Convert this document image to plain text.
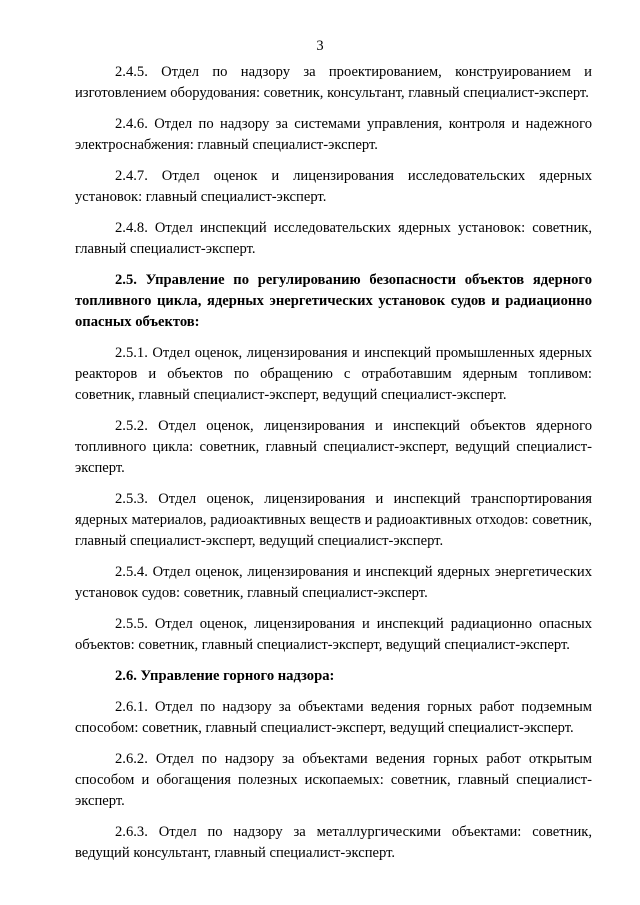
3

2.4.5. Отдел по надзору за проектированием, конструированием и изготовлением оборудования: советник, консультант, главный специалист-эксперт.

2.4.6. Отдел по надзору за системами управления, контроля и надежного электроснабжения: главный специалист-эксперт.

2.4.7. Отдел оценок и лицензирования исследовательских ядерных установок: главный специалист-эксперт.

2.4.8. Отдел инспекций исследовательских ядерных установок: советник, главный специалист-эксперт.

2.5. Управление по регулированию безопасности объектов ядерного топливного цикла, ядерных энергетических установок судов и радиационно опасных объектов:

2.5.1. Отдел оценок, лицензирования и инспекций промышленных ядерных реакторов и объектов по обращению с отработавшим ядерным топливом: советник, главный специалист-эксперт, ведущий специалист-эксперт.

2.5.2. Отдел оценок, лицензирования и инспекций объектов ядерного топливного цикла: советник, главный специалист-эксперт, ведущий специалист-эксперт.

2.5.3. Отдел оценок, лицензирования и инспекций транспортирования ядерных материалов, радиоактивных веществ и радиоактивных отходов: советник, главный специалист-эксперт, ведущий специалист-эксперт.

2.5.4. Отдел оценок, лицензирования и инспекций ядерных энергетических установок судов: советник, главный специалист-эксперт.

2.5.5. Отдел оценок, лицензирования и инспекций радиационно опасных объектов: советник, главный специалист-эксперт, ведущий специалист-эксперт.

2.6. Управление горного надзора:

2.6.1. Отдел по надзору за объектами ведения горных работ подземным способом: советник, главный специалист-эксперт, ведущий специалист-эксперт.

2.6.2. Отдел по надзору за объектами ведения горных работ открытым способом и обогащения полезных ископаемых: советник, главный специалист-эксперт.

2.6.3. Отдел по надзору за металлургическими объектами: советник, ведущий консультант, главный специалист-эксперт.
